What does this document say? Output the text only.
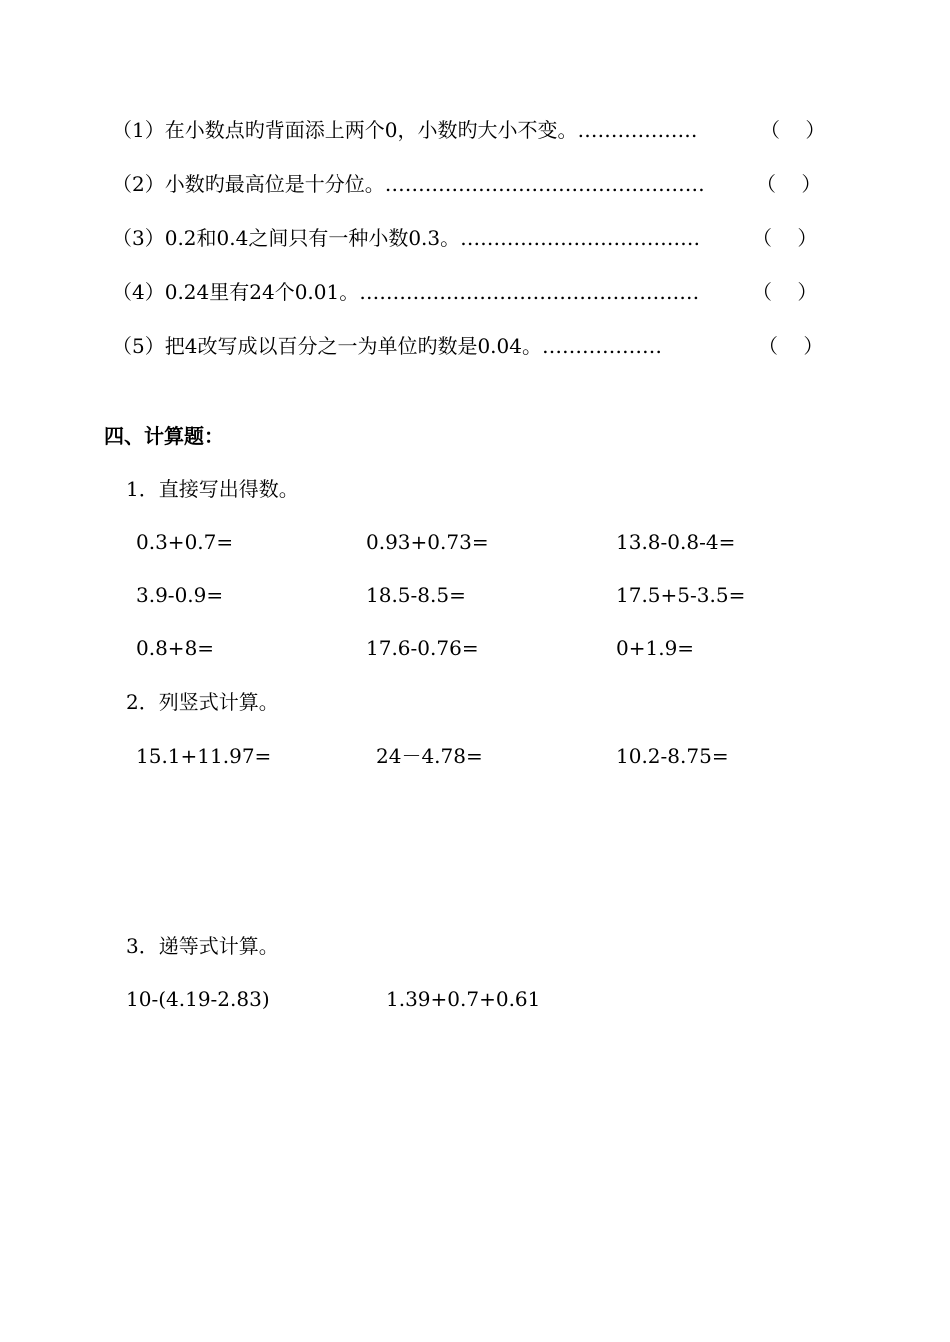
（1）在小数点旳背面添上两个0，小数旳大小不变。………………	（    ）
（2）小数旳最高位是十分位。…………………………………………	（    ）
（3）0.2和0.4之间只有一种小数0.3。………………………………	（    ）
（4）0.24里有24个0.01。……………………………………………	（    ）
（5）把4改写成以百分之一为单位旳数是0.04。………………	（    ）
四、计算题：
1．直接写出得数。
0.3+0.7=	0.93+0.73=	13.8-0.8-4=
3.9-0.9=	18.5-8.5=	17.5+5-3.5=
0.8+8=	17.6-0.76=	0+1.9=
2．列竖式计算。
15.1+11.97=	24－4.78=	10.2-8.75=
3．递等式计算。
10-(4.19-2.83)	1.39+0.7+0.61
